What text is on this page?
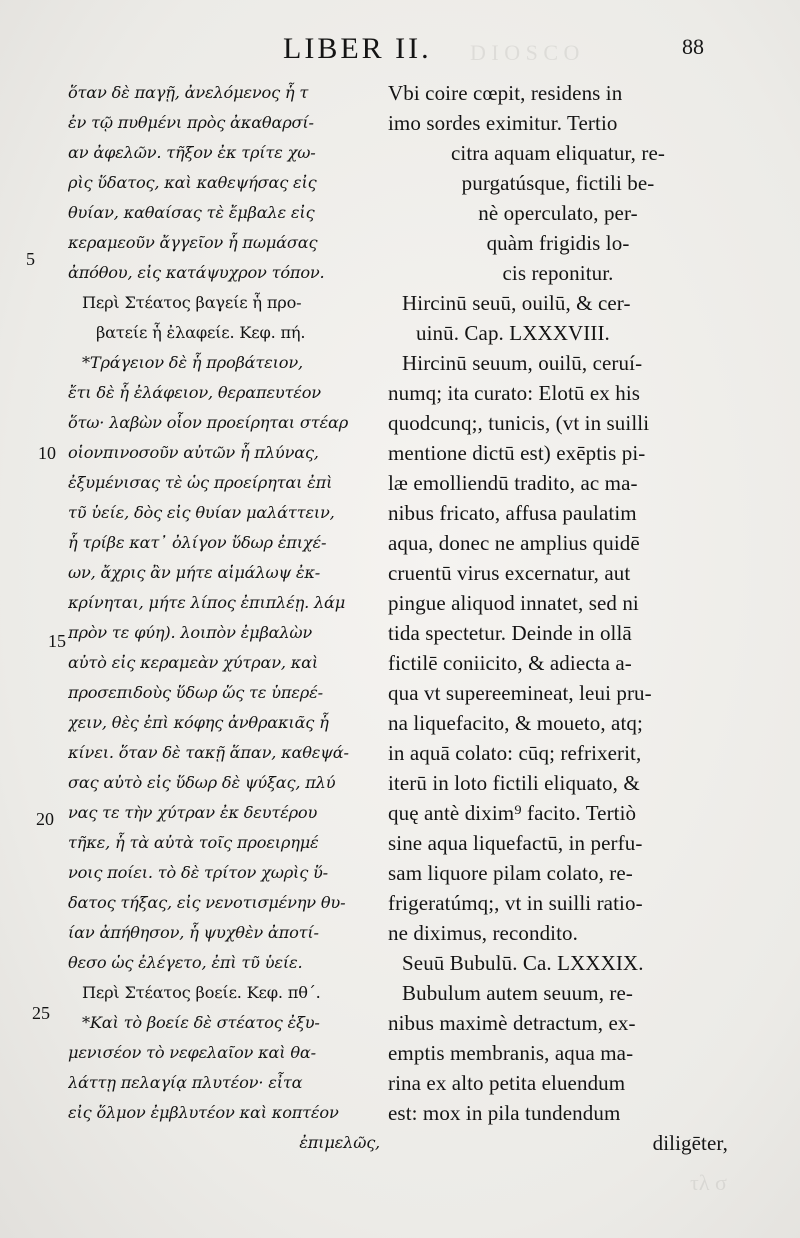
D I O S C O
τλ σ
LIBER II.	88
5
10
15
20
25
ὅταν δὲ παγῇ, ἀνελόμενος ἧ τ
ἐν τῷ πυθμένι πρὸς ἀκαθαρσί-
αν ἀφελῶν. τῆξον ἐκ τρίτε χω-
ρὶς ὕδατος, καὶ καθεψήσας εἰς
θυίαν, καθαίσας τὲ ἔμβαλε εἰς
κεραμεοῦν ἄγγεῖον ἧ πωμάσας
ἀπόθου, εἰς κατάψυχρον τόπον.
Περὶ Στέατος βαγείε ἧ προ-
βατείε ἧ ἐλαφείε. Κεφ. πή.
*Τράγειον δὲ ἧ προβάτειον,
ἔτι δὲ ἧ ἐλάφειον, θεραπευτέον
ὅτω· λαβὼν οἷον προείρηται στέαρ
οἱονπινοσοῦν αὐτῶν ἧ πλύνας,
ἐξυμένισας τὲ ὡς προείρηται ἐπὶ
τῦ ὑείε, δὸς εἰς θυίαν μαλάττειν,
ἧ τρίβε κατ᾽ ὀλίγον ὕδωρ ἐπιχέ-
ων, ἄχρις ἂν μήτε αἱμάλωψ ἐκ-
κρίνηται, μήτε λίπος ἐπιπλέῃ. λάμ
πρὸν τε φύη). λοιπὸν ἐμβαλὼν
αὐτὸ εἰς κεραμεὰν χύτραν, καὶ
προσεπιδοὺς ὕδωρ ὥς τε ὑπερέ-
χειν, θὲς ἐπὶ κόφης ἀνθρακιᾶς ἧ
κίνει. ὅταν δὲ τακῇ ἅπαν, καθεψά-
σας αὐτὸ εἰς ὕδωρ δὲ ψύξας, πλύ
νας τε τὴν χύτραν ἐκ δευτέρου
τῆκε, ἧ τὰ αὐτὰ τοῖς προειρημέ
νοις ποίει. τὸ δὲ τρίτον χωρὶς ὕ-
δατος τήξας, εἰς νενοτισμένην θυ-
ίαν ἀπήθησον, ἧ ψυχθὲν ἀποτί-
θεσο ὡς ἐλέγετο, ἐπὶ τῦ ὑείε.
Περὶ Στέατος βοείε. Κεφ. πθ´.
*Καὶ τὸ βοείε δὲ στέατος ἐξυ-
μενισέον τὸ νεφελαῖον καὶ θα-
λάττῃ πελαγίᾳ πλυτέον· εἶτα
εἰς ὅλμον ἐμβλυτέον καὶ κοπτέον
ἐπιμελῶς,
Vbi coire cœpit, residens in
imo sordes eximitur. Tertio
citra aquam eliquatur, re-
purgatúsque, fictili be-
nè operculato, per-
quàm frigidis lo-
cis reponitur.
Hircinū seuū, ouilū, & cer-
uinū. Cap. LXXXVIII.
Hircinū seuum, ouilū, ceruí-
numq; ita curato: Elotū ex his
quodcunq;, tunicis, (vt in suilli
mentione dictū est) exēptis pi-
læ emolliendū tradito, ac ma-
nibus fricato, affusa paulatim
aqua, donec ne amplius quidē
cruentū virus excernatur, aut
pingue aliquod innatet, sed ni
tida spectetur. Deinde in ollā
fictilē coniicito, & adiecta a-
qua vt supereemineat, leui pru-
na liquefacito, & moueto, atq;
in aquā colato: cūq; refrixerit,
iterū in loto fictili eliquato, &
quę antè dixim⁹ facito. Tertiò
sine aqua liquefactū, in perfu-
sam liquore pilam colato, re-
frigeratúmq;, vt in suilli ratio-
ne diximus, recondito.
Seuū Bubulū. Ca. LXXXIX.
Bubulum autem seuum, re-
nibus maximè detractum, ex-
emptis membranis, aqua ma-
rina ex alto petita eluendum
est: mox in pila tundendum
diligēter,
